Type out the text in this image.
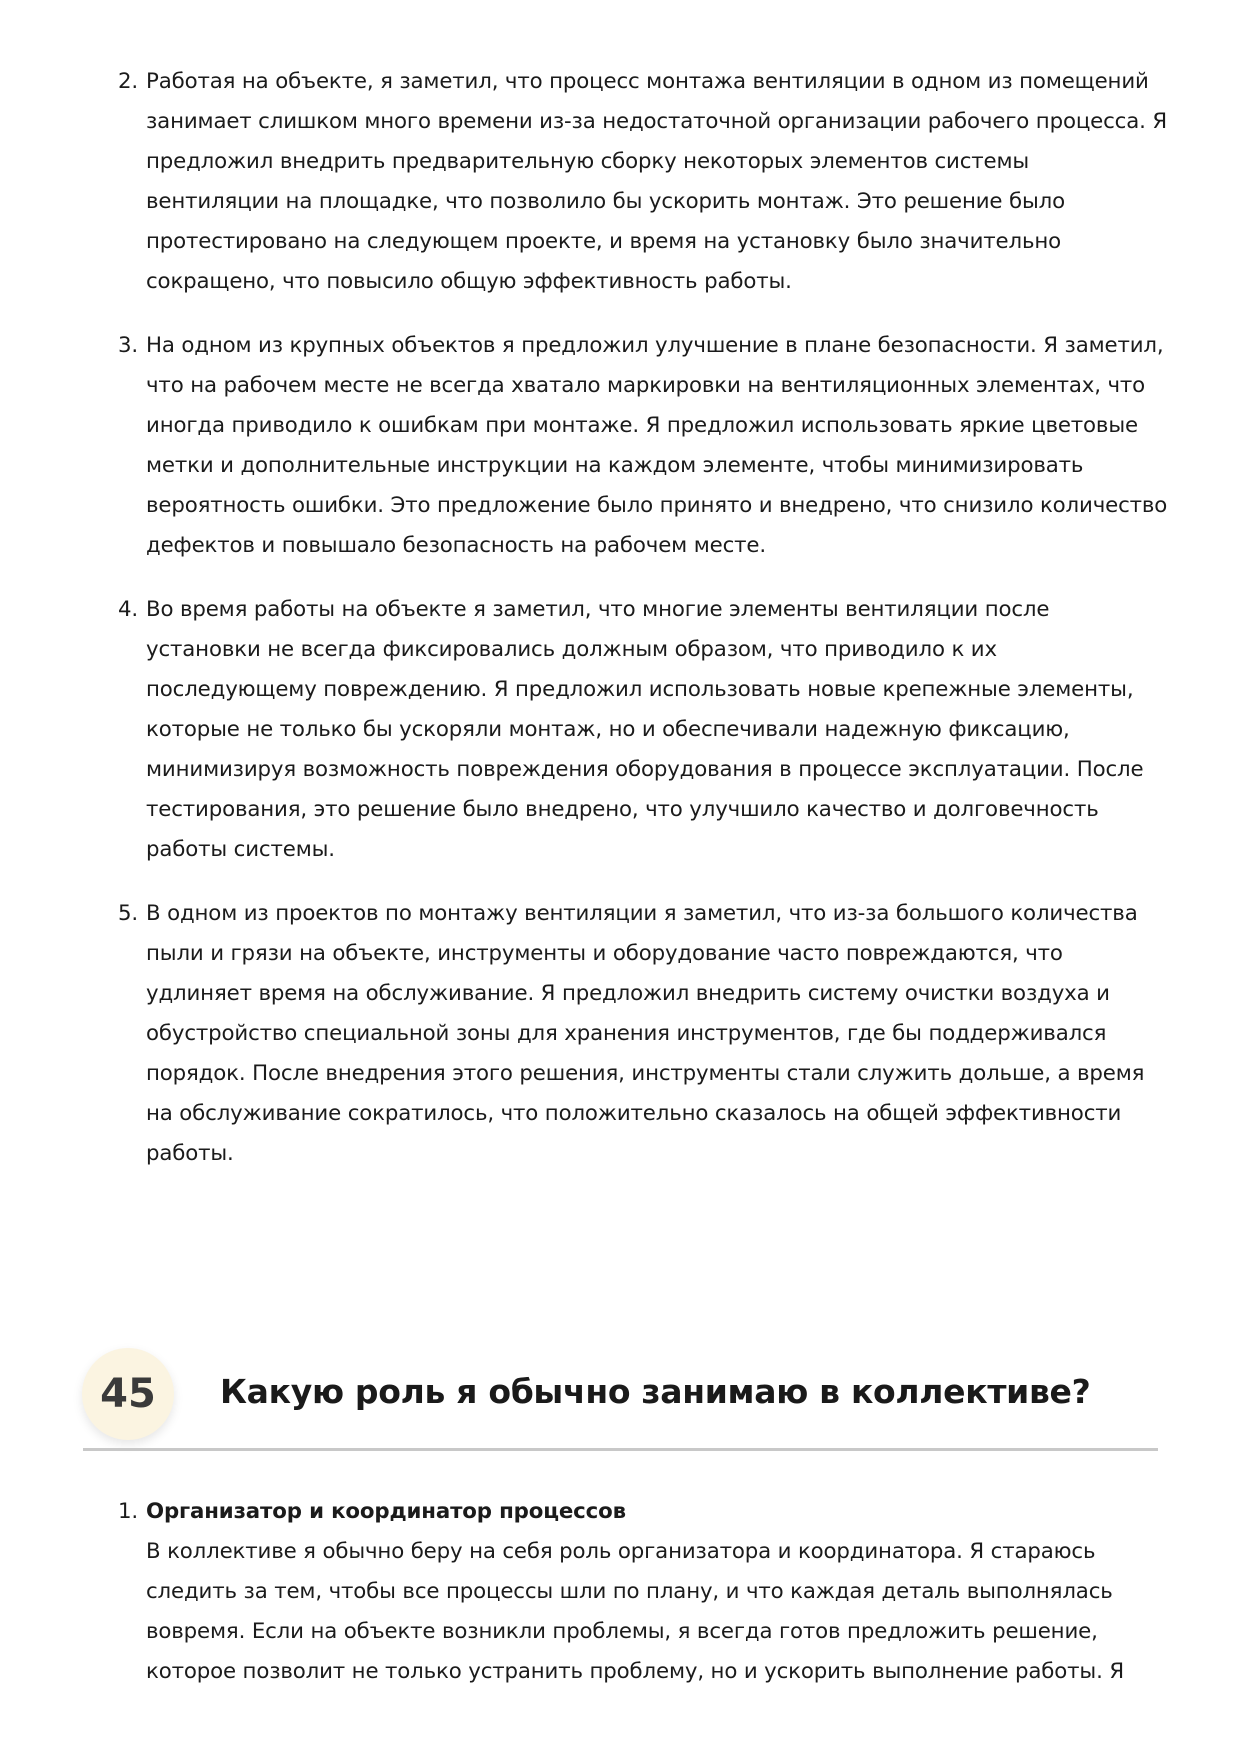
2. Работая на объекте, я заметил, что процесс монтажа вентиляции в одном из помещений занимает слишком много времени из-за недостаточной организации рабочего процесса. Я предложил внедрить предварительную сборку некоторых элементов системы вентиляции на площадке, что позволило бы ускорить монтаж. Это решение было протестировано на следующем проекте, и время на установку было значительно сокращено, что повысило общую эффективность работы.
3. На одном из крупных объектов я предложил улучшение в плане безопасности. Я заметил, что на рабочем месте не всегда хватало маркировки на вентиляционных элементах, что иногда приводило к ошибкам при монтаже. Я предложил использовать яркие цветовые метки и дополнительные инструкции на каждом элементе, чтобы минимизировать вероятность ошибки. Это предложение было принято и внедрено, что снизило количество дефектов и повышало безопасность на рабочем месте.
4. Во время работы на объекте я заметил, что многие элементы вентиляции после установки не всегда фиксировались должным образом, что приводило к их последующему повреждению. Я предложил использовать новые крепежные элементы, которые не только бы ускоряли монтаж, но и обеспечивали надежную фиксацию, минимизируя возможность повреждения оборудования в процессе эксплуатации. После тестирования, это решение было внедрено, что улучшило качество и долговечность работы системы.
5. В одном из проектов по монтажу вентиляции я заметил, что из-за большого количества пыли и грязи на объекте, инструменты и оборудование часто повреждаются, что удлиняет время на обслуживание. Я предложил внедрить систему очистки воздуха и обустройство специальной зоны для хранения инструментов, где бы поддерживался порядок. После внедрения этого решения, инструменты стали служить дольше, а время на обслуживание сократилось, что положительно сказалось на общей эффективности работы.
45	Какую роль я обычно занимаю в коллективе?
1. Организатор и координатор процессов
В коллективе я обычно беру на себя роль организатора и координатора. Я стараюсь следить за тем, чтобы все процессы шли по плану, и что каждая деталь выполнялась вовремя. Если на объекте возникли проблемы, я всегда готов предложить решение, которое позволит не только устранить проблему, но и ускорить выполнение работы. Я
